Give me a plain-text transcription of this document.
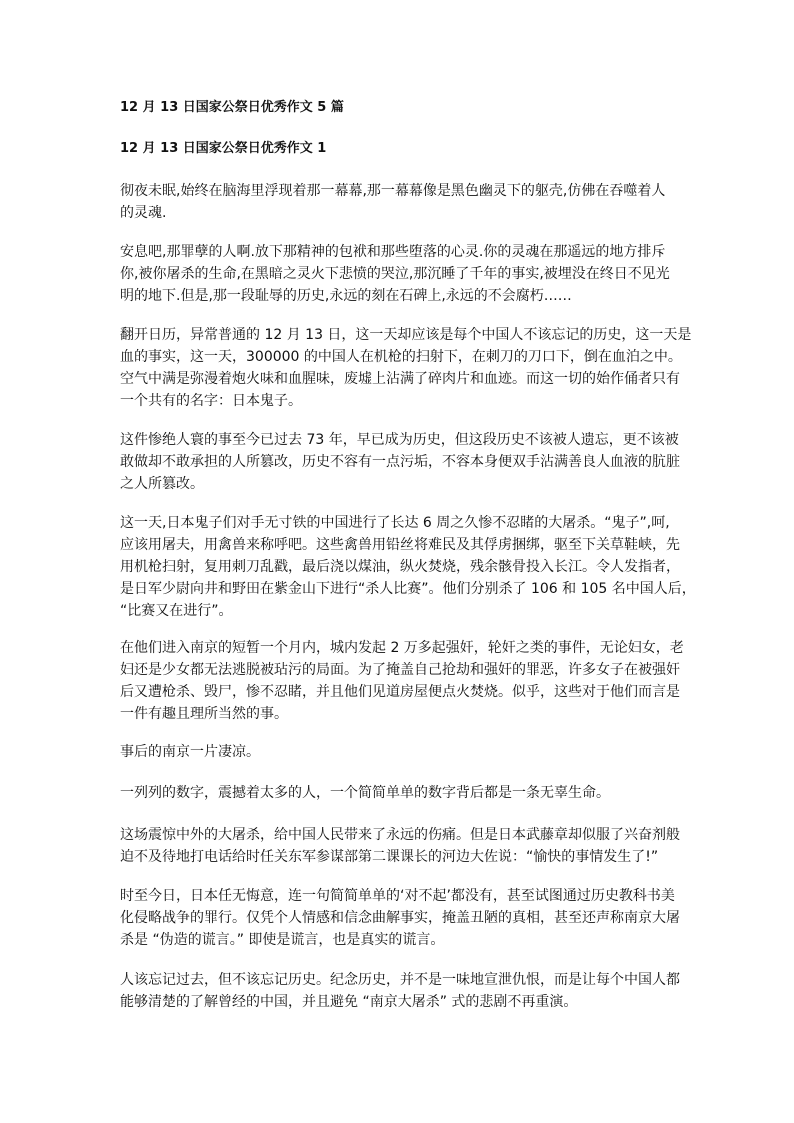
12 月 13 日国家公祭日优秀作文 5 篇
12 月 13 日国家公祭日优秀作文 1
彻夜未眠,始终在脑海里浮现着那一幕幕,那一幕幕像是黑色幽灵下的躯壳,仿佛在吞噬着人
的灵魂.
安息吧,那罪孽的人啊.放下那精神的包袱和那些堕落的心灵.你的灵魂在那遥远的地方排斥
你,被你屠杀的生命,在黑暗之灵火下悲愤的哭泣,那沉睡了千年的事实,被埋没在终日不见光
明的地下.但是,那一段耻辱的历史,永远的刻在石碑上,永远的不会腐朽……
翻开日历，异常普通的 12 月 13 日，这一天却应该是每个中国人不该忘记的历史，这一天是
血的事实，这一天，300000 的中国人在机枪的扫射下，在刺刀的刀口下，倒在血泊之中。
空气中满是弥漫着炮火味和血腥味，废墟上沾满了碎肉片和血迹。而这一切的始作俑者只有
一个共有的名字：日本鬼子。
这件惨绝人寰的事至今已过去 73 年，早已成为历史，但这段历史不该被人遗忘，更不该被
敢做却不敢承担的人所篡改，历史不容有一点污垢，不容本身便双手沾满善良人血液的肮脏
之人所篡改。
这一天,日本鬼子们对手无寸铁的中国进行了长达 6 周之久惨不忍睹的大屠杀。“鬼子”,呵,
应该用屠夫，用禽兽来称呼吧。这些禽兽用铅丝将难民及其俘虏捆绑，驱至下关草鞋峡，先
用机枪扫射，复用刺刀乱戳，最后浇以煤油，纵火焚烧，残余骸骨投入长江。令人发指者，
是日军少尉向井和野田在紫金山下进行“杀人比赛”。他们分别杀了 106 和 105 名中国人后，
“比赛又在进行”。
在他们进入南京的短暂一个月内，城内发起 2 万多起强奸，轮奸之类的事件，无论妇女，老
妇还是少女都无法逃脱被玷污的局面。为了掩盖自己抢劫和强奸的罪恶，许多女子在被强奸
后又遭枪杀、毁尸，惨不忍睹，并且他们见道房屋便点火焚烧。似乎，这些对于他们而言是
一件有趣且理所当然的事。
事后的南京一片凄凉。
一列列的数字，震撼着太多的人，一个简简单单的数字背后都是一条无辜生命。
这场震惊中外的大屠杀，给中国人民带来了永远的伤痛。但是日本武藤章却似服了兴奋剂般
迫不及待地打电话给时任关东军参谋部第二课课长的河边大佐说：“愉快的事情发生了!”
时至今日，日本任无悔意，连一句简简单单的‘对不起’都没有，甚至试图通过历史教科书美
化侵略战争的罪行。仅凭个人情感和信念曲解事实，掩盖丑陋的真相，甚至还声称南京大屠
杀是 “伪造的谎言。” 即使是谎言，也是真实的谎言。
人该忘记过去，但不该忘记历史。纪念历史，并不是一味地宣泄仇恨，而是让每个中国人都
能够清楚的了解曾经的中国，并且避免 “南京大屠杀” 式的悲剧不再重演。
